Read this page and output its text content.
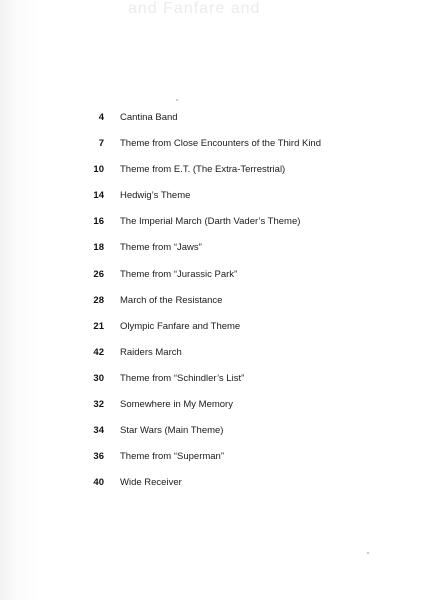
and Fanfare and
4 Cantina Band
7 Theme from Close Encounters of the Third Kind
10 Theme from E.T. (The Extra-Terrestrial)
14 Hedwig’s Theme
16 The Imperial March (Darth Vader’s Theme)
18 Theme from “Jaws”
26 Theme from “Jurassic Park”
28 March of the Resistance
21 Olympic Fanfare and Theme
42 Raiders March
30 Theme from “Schindler’s List”
32 Somewhere in My Memory
34 Star Wars (Main Theme)
36 Theme from “Superman”
40 Wide Receiver
